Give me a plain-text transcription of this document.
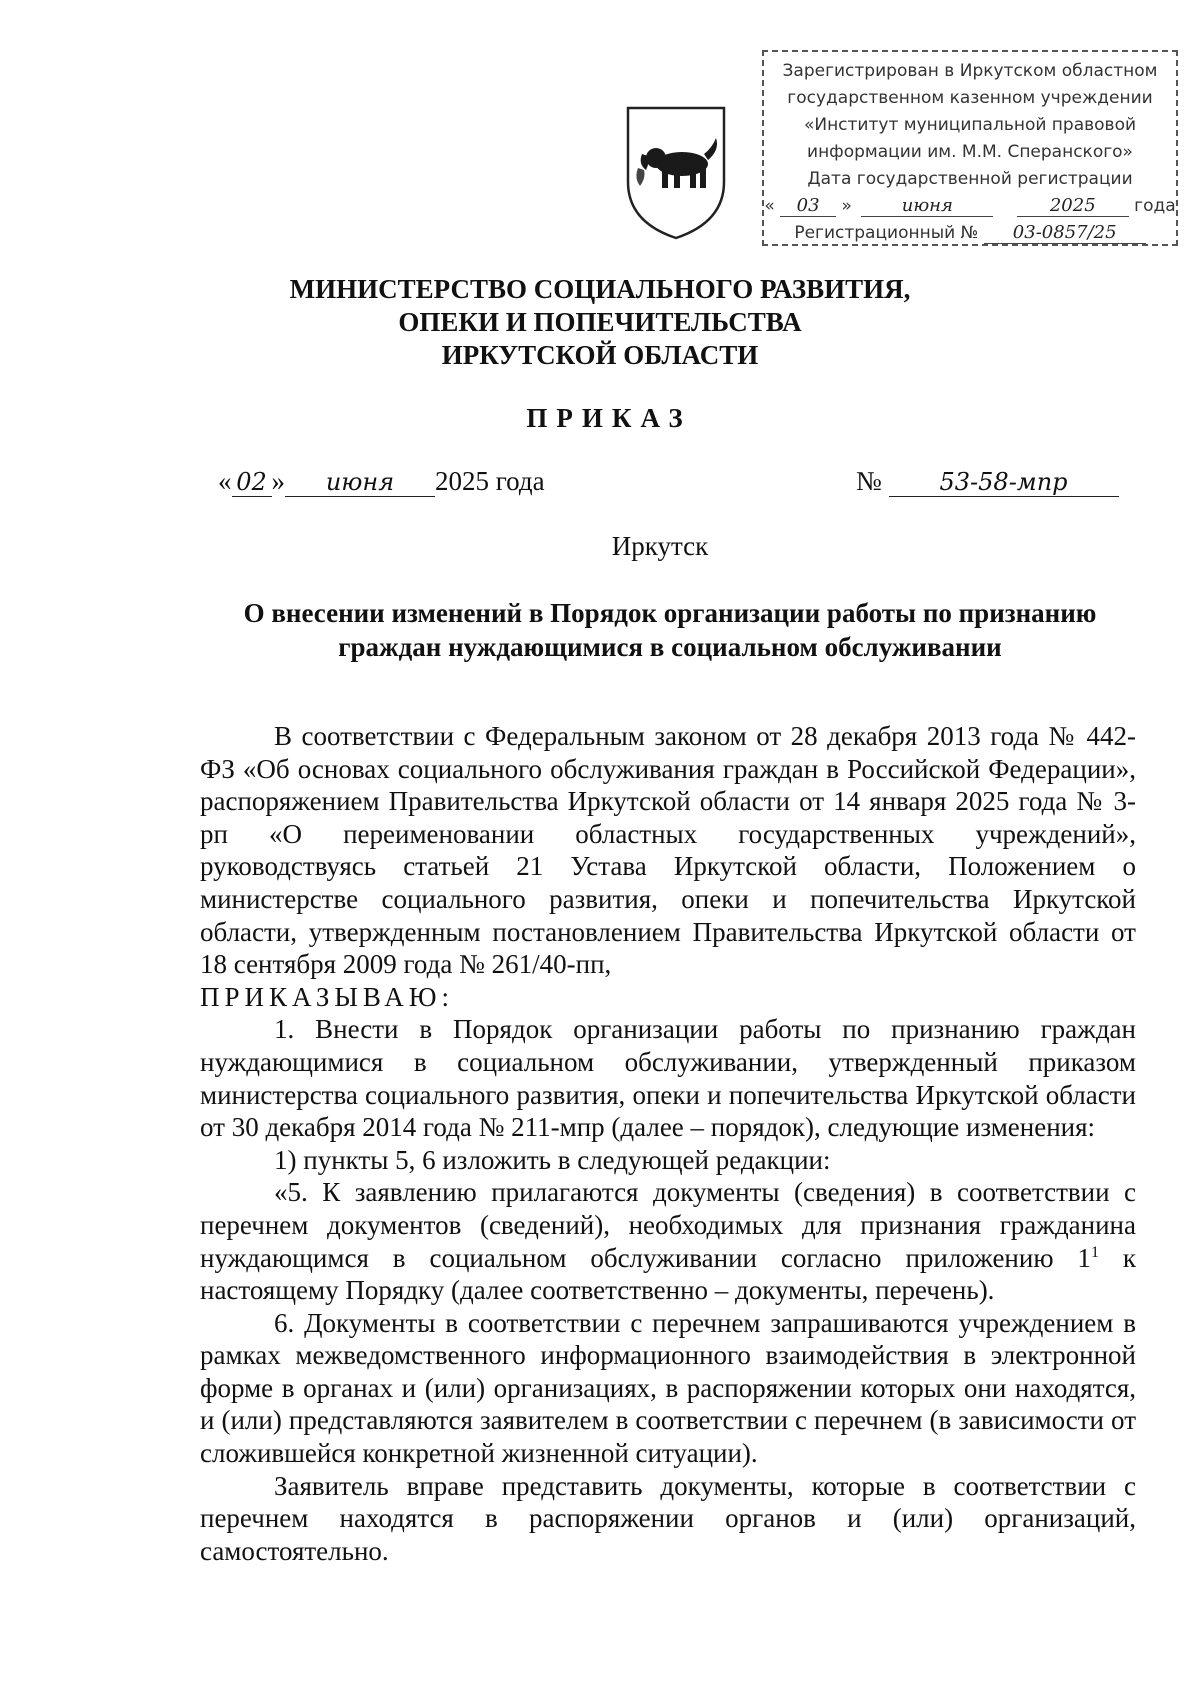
Зарегистрирован в Иркутском областном
государственном казенном учреждении
«Институт муниципальной правовой
информации им. М.М. Сперанского»
Дата государственной регистрации
« 03 »	июня	2025 года
Регистрационный № 03-0857/25
МИНИСТЕРСТВО СОЦИАЛЬНОГО РАЗВИТИЯ,
ОПЕКИ И ПОПЕЧИТЕЛЬСТВА
ИРКУТСКОЙ ОБЛАСТИ
ПРИКАЗ
« 02 » июня 2025 года	№ 53-58-мпр
Иркутск
О внесении изменений в Порядок организации работы по признанию
граждан нуждающимися в социальном обслуживании

В соответствии с Федеральным законом от 28 декабря 2013 года № 442-ФЗ «Об основах социального обслуживания граждан в Российской Федерации», распоряжением Правительства Иркутской области от 14 января 2025 года № 3-рп «О переименовании областных государственных учреждений», руководствуясь статьей 21 Устава Иркутской области, Положением о министерстве социального развития, опеки и попечительства Иркутской области, утвержденным постановлением Правительства Иркутской области от 18 сентября 2009 года № 261/40-пп,

ПРИКАЗЫВАЮ:

1. Внести в Порядок организации работы по признанию граждан нуждающимися в социальном обслуживании, утвержденный приказом министерства социального развития, опеки и попечительства Иркутской области от 30 декабря 2014 года № 211-мпр (далее – порядок), следующие изменения:

1) пункты 5, 6 изложить в следующей редакции:

«5. К заявлению прилагаются документы (сведения) в соответствии с перечнем документов (сведений), необходимых для признания гражданина нуждающимся в социальном обслуживании согласно приложению $1^1$ к настоящему Порядку (далее соответственно – документы, перечень).

6. Документы в соответствии с перечнем запрашиваются учреждением в рамках межведомственного информационного взаимодействия в электронной форме в органах и (или) организациях, в распоряжении которых они находятся, и (или) представляются заявителем в соответствии с перечнем (в зависимости от сложившейся конкретной жизненной ситуации).

Заявитель вправе представить документы, которые в соответствии с перечнем находятся в распоряжении органов и (или) организаций, самостоятельно.
